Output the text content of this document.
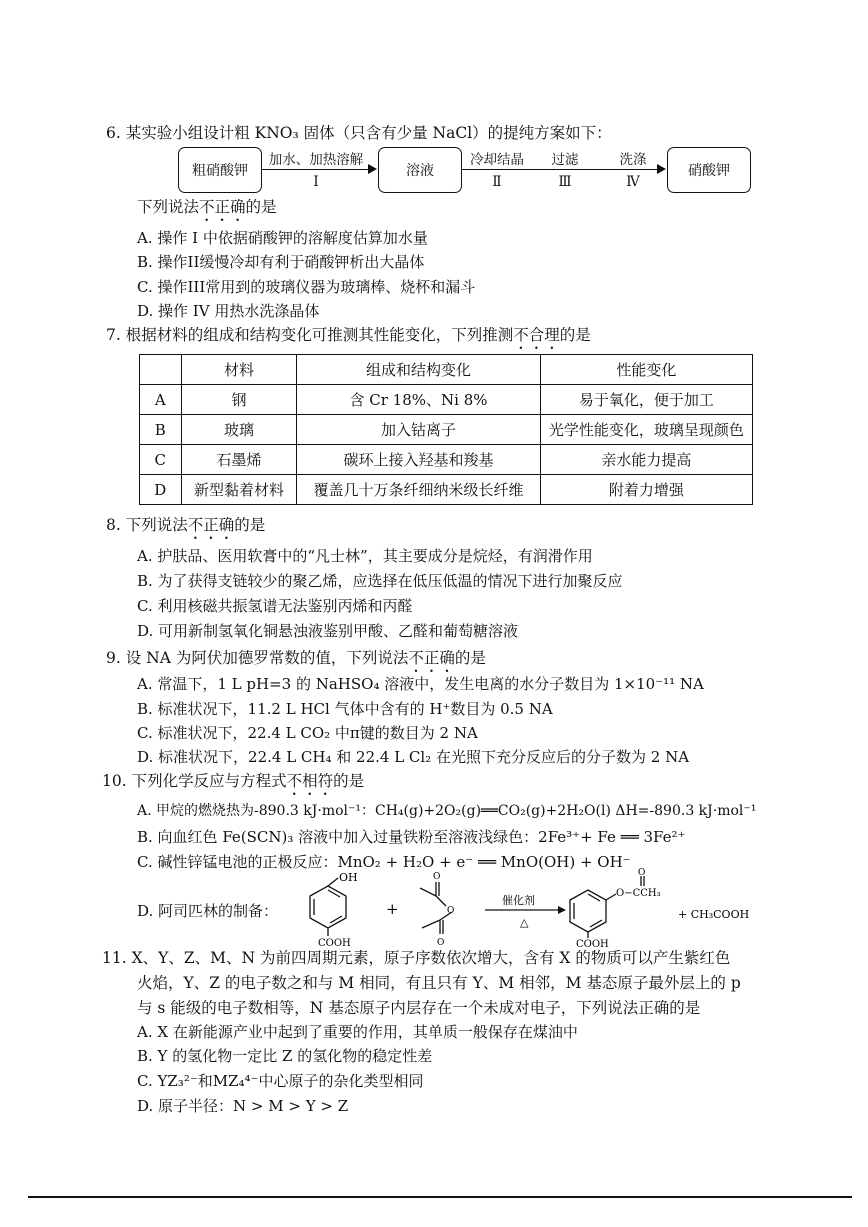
6. 某实验小组设计粗 KNO₃ 固体（只含有少量 NaCl）的提纯方案如下：
粗硝酸钾
加水、加热溶解
Ⅰ
溶液
冷却结晶
Ⅱ
过滤
Ⅲ
洗涤
Ⅳ
硝酸钾
下列说法不正确的是
A. 操作 I 中依据硝酸钾的溶解度估算加水量
B. 操作II缓慢冷却有利于硝酸钾析出大晶体
C. 操作III常用到的玻璃仪器为玻璃棒、烧杯和漏斗
D. 操作 IV 用热水洗涤晶体
7. 根据材料的组成和结构变化可推测其性能变化，下列推测不合理的是
	材料	组成和结构变化	性能变化
A	钢	含 Cr 18%、Ni 8%	易于氧化，便于加工
B	玻璃	加入钴离子	光学性能变化，玻璃呈现颜色
C	石墨烯	碳环上接入羟基和羧基	亲水能力提高
D	新型黏着材料	覆盖几十万条纤细纳米级长纤维	附着力增强
8. 下列说法不正确的是
A. 护肤品、医用软膏中的“凡士林”，其主要成分是烷烃，有润滑作用
B. 为了获得支链较少的聚乙烯，应选择在低压低温的情况下进行加聚反应
C. 利用核磁共振氢谱无法鉴别丙烯和丙醛
D. 可用新制氢氧化铜悬浊液鉴别甲酸、乙醛和葡萄糖溶液
9. 设 NA 为阿伏加德罗常数的值，下列说法不正确的是
A. 常温下，1 L pH=3 的 NaHSO₄ 溶液中，发生电离的水分子数目为 1×10⁻¹¹ NA
B. 标准状况下，11.2 L HCl 气体中含有的 H⁺数目为 0.5 NA
C. 标准状况下，22.4 L CO₂ 中π键的数目为 2 NA
D. 标准状况下，22.4 L CH₄ 和 22.4 L Cl₂ 在光照下充分反应后的分子数为 2 NA
10. 下列化学反应与方程式不相符的是
A. 甲烷的燃烧热为-890.3 kJ·mol⁻¹：CH₄(g)+2O₂(g)══CO₂(g)+2H₂O(l) ΔH=-890.3 kJ·mol⁻¹
B. 向血红色 Fe(SCN)₃ 溶液中加入过量铁粉至溶液浅绿色：2Fe³⁺+ Fe ══ 3Fe²⁺
C. 碱性锌锰电池的正极反应：MnO₂ + H₂O + e⁻ ══ MnO(OH) + OH⁻
D. 阿司匹林的制备：
OH
COOH
+
O
O
O
催化剂
△
O
O−CCH₃
COOH
+ CH₃COOH
11. X、Y、Z、M、N 为前四周期元素，原子序数依次增大，含有 X 的物质可以产生紫红色
火焰，Y、Z 的电子数之和与 M 相同，有且只有 Y、M 相邻，M 基态原子最外层上的 p
与 s 能级的电子数相等，N 基态原子内层存在一个未成对电子，下列说法正确的是
A. X 在新能源产业中起到了重要的作用，其单质一般保存在煤油中
B. Y 的氢化物一定比 Z 的氢化物的稳定性差
C. YZ₃²⁻和MZ₄⁴⁻中心原子的杂化类型相同
D. 原子半径：N > M > Y > Z
